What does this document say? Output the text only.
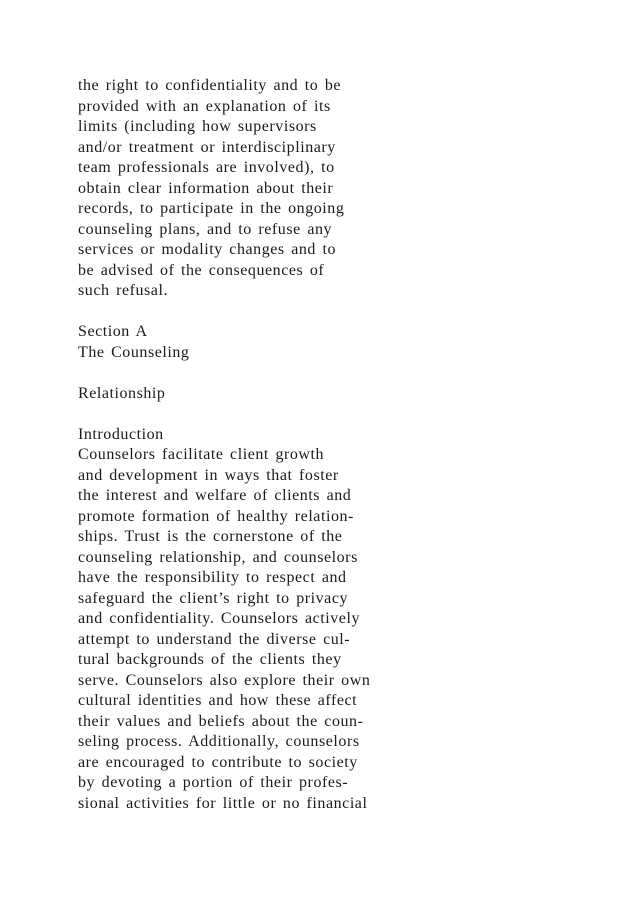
the right to confidentiality and to be
provided with an explanation of its
limits (including how supervisors
and/or treatment or interdisciplinary
team professionals are involved), to
obtain clear information about their
records, to participate in the ongoing
counseling plans, and to refuse any
services or modality changes and to
be advised of the consequences of
such refusal.

Section A
The Counseling
Relationship
Introduction

Counselors facilitate client growth
and development in ways that foster
the interest and welfare of clients and
promote formation of healthy relation-
ships. Trust is the cornerstone of the
counseling relationship, and counselors
have the responsibility to respect and
safeguard the client’s right to privacy
and confidentiality. Counselors actively
attempt to understand the diverse cul-
tural backgrounds of the clients they
serve. Counselors also explore their own
cultural identities and how these affect
their values and beliefs about the coun-
seling process. Additionally, counselors
are encouraged to contribute to society
by devoting a portion of their profes-
sional activities for little or no financial
